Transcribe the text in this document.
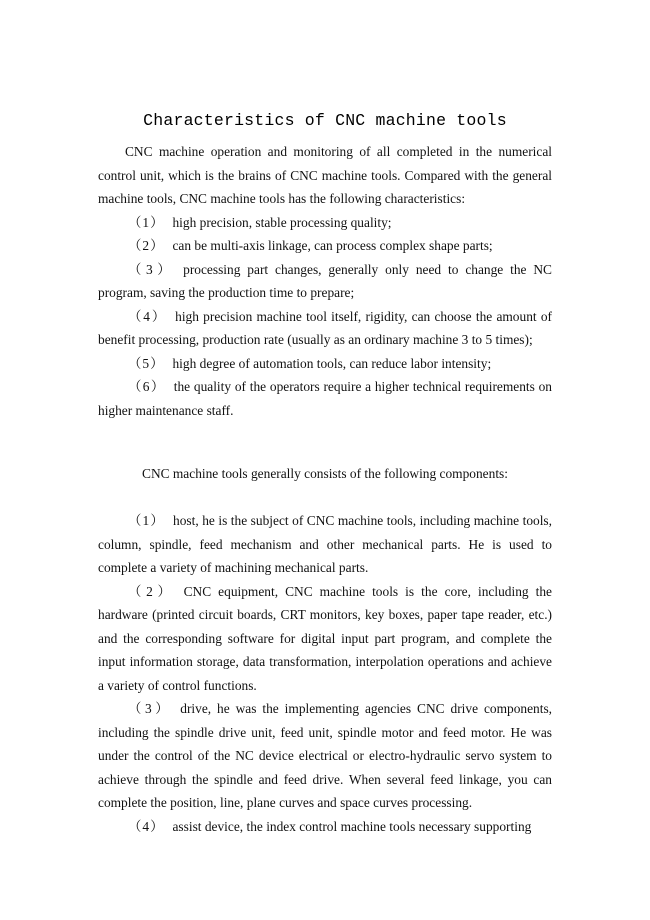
Characteristics of CNC machine tools

CNC machine operation and monitoring of all completed in the numerical control unit, which is the brains of CNC machine tools. Compared with the general machine tools, CNC machine tools has the following characteristics:

（1） high precision, stable processing quality;

（2） can be multi-axis linkage, can process complex shape parts;

（3） processing part changes, generally only need to change the NC program, saving the production time to prepare;

（4） high precision machine tool itself, rigidity, can choose the amount of benefit processing, production rate (usually as an ordinary machine 3 to 5 times);

（5） high degree of automation tools, can reduce labor intensity;

（6） the quality of the operators require a higher technical requirements on higher maintenance staff.

CNC machine tools generally consists of the following components:

（1） host, he is the subject of CNC machine tools, including machine tools, column, spindle, feed mechanism and other mechanical parts. He is used to complete a variety of machining mechanical parts.

（2） CNC equipment, CNC machine tools is the core, including the hardware (printed circuit boards, CRT monitors, key boxes, paper tape reader, etc.) and the corresponding software for digital input part program, and complete the input information storage, data transformation, interpolation operations and achieve a variety of control functions.

（3） drive, he was the implementing agencies CNC drive components, including the spindle drive unit, feed unit, spindle motor and feed motor. He was under the control of the NC device electrical or electro-hydraulic servo system to achieve through the spindle and feed drive. When several feed linkage, you can complete the position, line, plane curves and space curves processing.

（4） assist device, the index control machine tools necessary supporting
